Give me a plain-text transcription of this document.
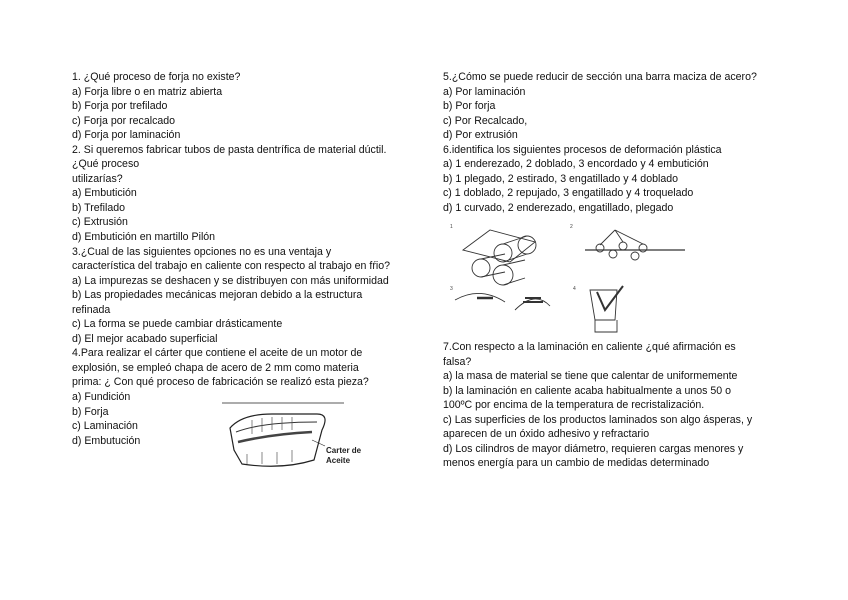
1. ¿Qué proceso de forja no existe?
a) Forja libre o en matriz abierta
b) Forja por trefilado
c) Forja por recalcado
d) Forja por laminación
2. Si queremos fabricar tubos de pasta dentrífica de material dúctil.
¿Qué proceso
utilizarías?
a) Embutición
b) Trefilado
c) Extrusión
d) Embutición en martillo Pilón
3.¿Cual de las siguientes opciones no es una ventaja y
característica del trabajo en caliente con respecto al trabajo en fŕio?
a) La impurezas se deshacen y se distribuyen con más uniformidad
b) Las propiedades mecánicas mejoran debido a la estructura
refinada
c) La forma se puede cambiar drásticamente
d) El mejor acabado superficial
4.Para realizar el cárter que contiene el aceite de un motor de
explosión, se empleó chapa de acero de 2 mm como materia
prima: ¿ Con qué proceso de fabricación se realizó esta pieza?
a) Fundición
b) Forja
c) Laminación
d) Embutución
5.¿Cómo se puede reducir de sección una barra maciza de acero?
a) Por laminación
b) Por forja
c) Por Recalcado,
d) Por extrusión
6.identifica los siguientes procesos de deformación plástica
a) 1 enderezado, 2 doblado, 3 encordado y 4 embutición
b) 1 plegado, 2 estirado, 3 engatillado y 4 doblado
c) 1 doblado, 2 repujado, 3 engatillado y 4 troquelado
d) 1 curvado, 2 enderezado, engatillado, plegado
7.Con respecto a la laminación en caliente ¿qué afirmación es
falsa?
a) la masa de material se tiene que calentar de uniformemente
b) la laminación en caliente acaba habitualmente a unos 50 o
100ºC por encima de la temperatura de recristalización.
c) Las superficies de los productos laminados son algo ásperas, y
aparecen de un óxido adhesivo y refractario
d) Los cilindros de mayor diámetro, requieren cargas menores y
menos energía para un cambio de medidas determinado
Carter de
Aceite
1	2
3	4
